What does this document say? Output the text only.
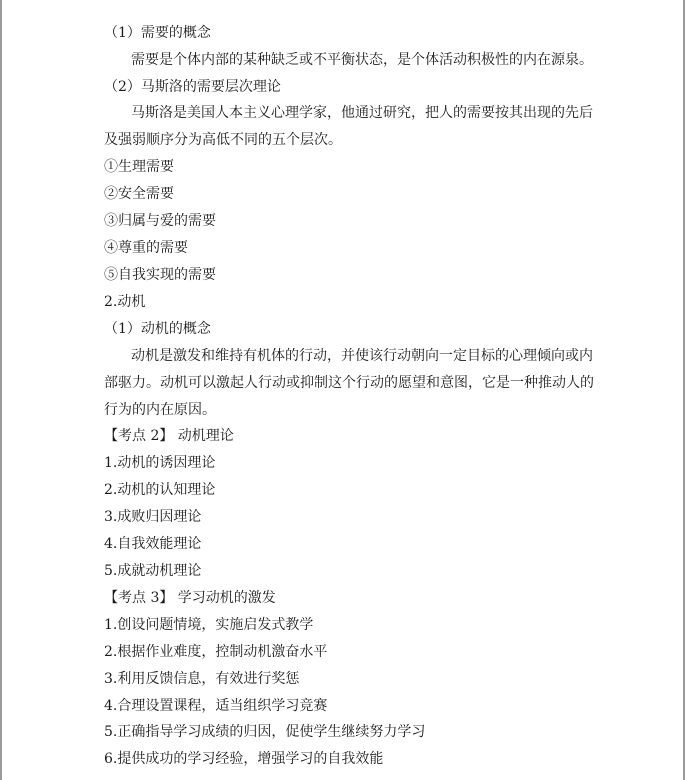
（1）需要的概念
需要是个体内部的某种缺乏或不平衡状态，是个体活动积极性的内在源泉。
（2）马斯洛的需要层次理论
马斯洛是美国人本主义心理学家，他通过研究，把人的需要按其出现的先后
及强弱顺序分为高低不同的五个层次。
①生理需要
②安全需要
③归属与爱的需要
④尊重的需要
⑤自我实现的需要
2.动机
（1）动机的概念
动机是激发和维持有机体的行动，并使该行动朝向一定目标的心理倾向或内
部驱力。动机可以激起人行动或抑制这个行动的愿望和意图，它是一种推动人的
行为的内在原因。
【考点 2】 动机理论
1.动机的诱因理论
2.动机的认知理论
3.成败归因理论
4.自我效能理论
5.成就动机理论
【考点 3】 学习动机的激发
1.创设问题情境，实施启发式教学
2.根据作业难度，控制动机激奋水平
3.利用反馈信息，有效进行奖惩
4.合理设置课程，适当组织学习竞赛
5.正确指导学习成绩的归因，促使学生继续努力学习
6.提供成功的学习经验，增强学习的自我效能
